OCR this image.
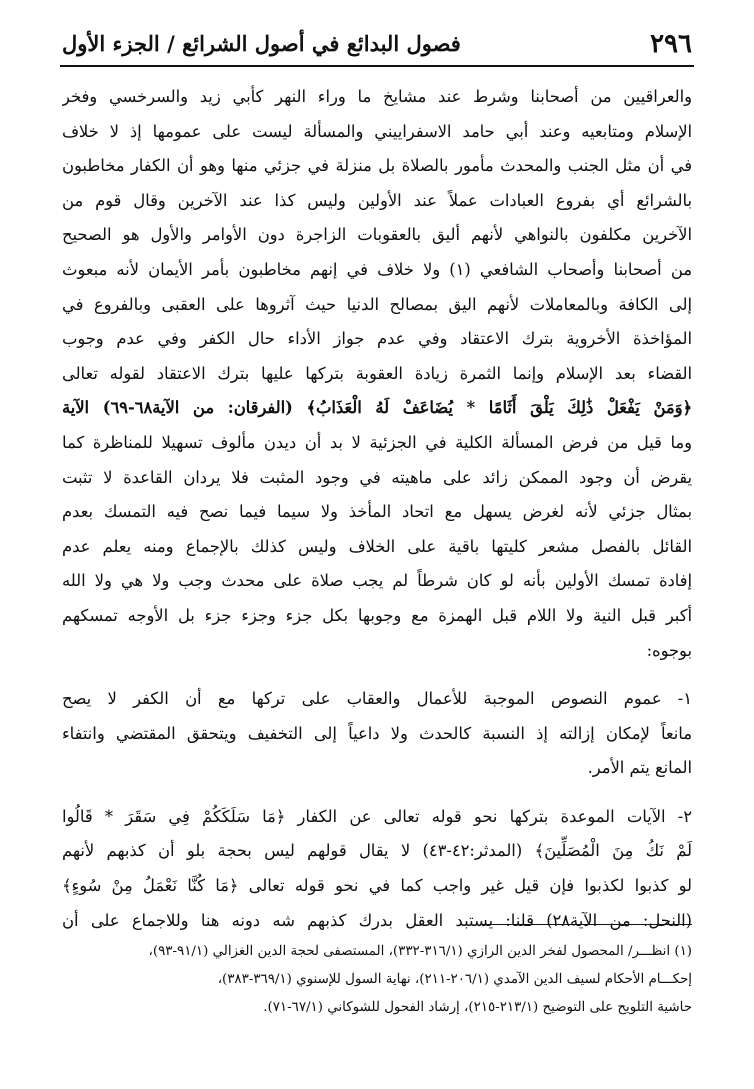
٢٩٦
فصول البدائع في أصول الشرائع / الجزء الأول
والعراقيين من أصحابنا وشرط عند مشايخ ما وراء النهر كأبي زيد والسرخسي وفخر
الإسلام ومتابعيه وعند أبي حامد الاسفراييني والمسألة ليست على عمومها إذ لا خلاف
في أن مثل الجنب والمحدث مأمور بالصلاة بل منزلة في جزئي منها وهو أن الكفار مخاطبون
بالشرائع أي بفروع العبادات عملاً عند الأولين وليس كذا عند الآخرين وقال قوم من
الآخرين مكلفون بالنواهي لأنهم أليق بالعقوبات الزاجرة دون الأوامر والأول هو الصحيح
من أصحابنا وأصحاب الشافعي (١) ولا خلاف في إنهم مخاطبون بأمر الأيمان لأنه مبعوث
إلى الكافة وبالمعاملات لأنهم اليق بمصالح الدنيا حيث آثروها على العقبى وبالفروع في
المؤاخذة الأخروية بترك الاعتقاد وفي عدم جواز الأداء حال الكفر وفي عدم وجوب
القضاء بعد الإسلام وإنما الثمرة زيادة العقوبة بتركها عليها بترك الاعتقاد لقوله تعالى
﴿وَمَنْ يَفْعَلْ ذَٰلِكَ يَلْقَ أَثَامًا * يُضَاعَفْ لَهُ الْعَذَابُ﴾ (الفرقان: من الآية٦٨-٦٩) الآية
وما قيل من فرض المسألة الكلية في الجزئية لا بد أن ديدن مألوف تسهيلا للمناظرة كما
يقرض أن وجود الممكن زائد على ماهيته في وجود المثبت فلا يردان القاعدة لا تثبت
بمثال جزئي لأنه لغرض يسهل مع اتحاد المأخذ ولا سيما فيما نصح فيه التمسك بعدم
القائل بالفصل مشعر كليتها باقية على الخلاف وليس كذلك بالإجماع ومنه يعلم عدم
إفادة تمسك الأولين بأنه لو كان شرطاً لم يجب صلاة على محدث وجب ولا هي ولا الله
أكبر قبل النية ولا اللام قبل الهمزة مع وجوبها بكل جزء وجزء جزء بل الأوجه تمسكهم
بوجوه:
١- عموم النصوص الموجبة للأعمال والعقاب على تركها مع أن الكفر لا يصح
مانعاً لإمكان إزالته إذ النسبة كالحدث ولا داعياً إلى التخفيف ويتحقق المقتضي وانتفاء
المانع يتم الأمر.
٢- الآيات الموعدة بتركها نحو قوله تعالى عن الكفار ﴿مَا سَلَكَكُمْ فِي سَقَرَ * قَالُوا
لَمْ نَكُ مِنَ الْمُصَلِّينَ﴾ (المدثر:٤٢-٤٣) لا يقال قولهم ليس بحجة بلو أن كذبهم لأنهم
لو كذبوا لكذبوا فإن قيل غير واجب كما في نحو قوله تعالى ﴿مَا كُنَّا نَعْمَلُ مِنْ سُوءٍ﴾
(النحل: من الآية٢٨) قلنا: يستبد العقل بدرك كذبهم شه دونه هنا وللاجماع على أن
(١) انظـــر/ المحصول لفخر الدين الرازي (٣١٦/١-٣٣٢)، المستصفى لحجة الدين الغزالي (٩١/١-٩٣)،
إحكـــام الأحكام لسيف الدين الآمدي (٢٠٦/١-٢١١)، نهاية السول للإسنوي (٣٦٩/١-٣٨٣)،
حاشية التلويح على التوضيح (٢١٣/١-٢١٥)، إرشاد الفحول للشوكاني (٦٧/١-٧١).
